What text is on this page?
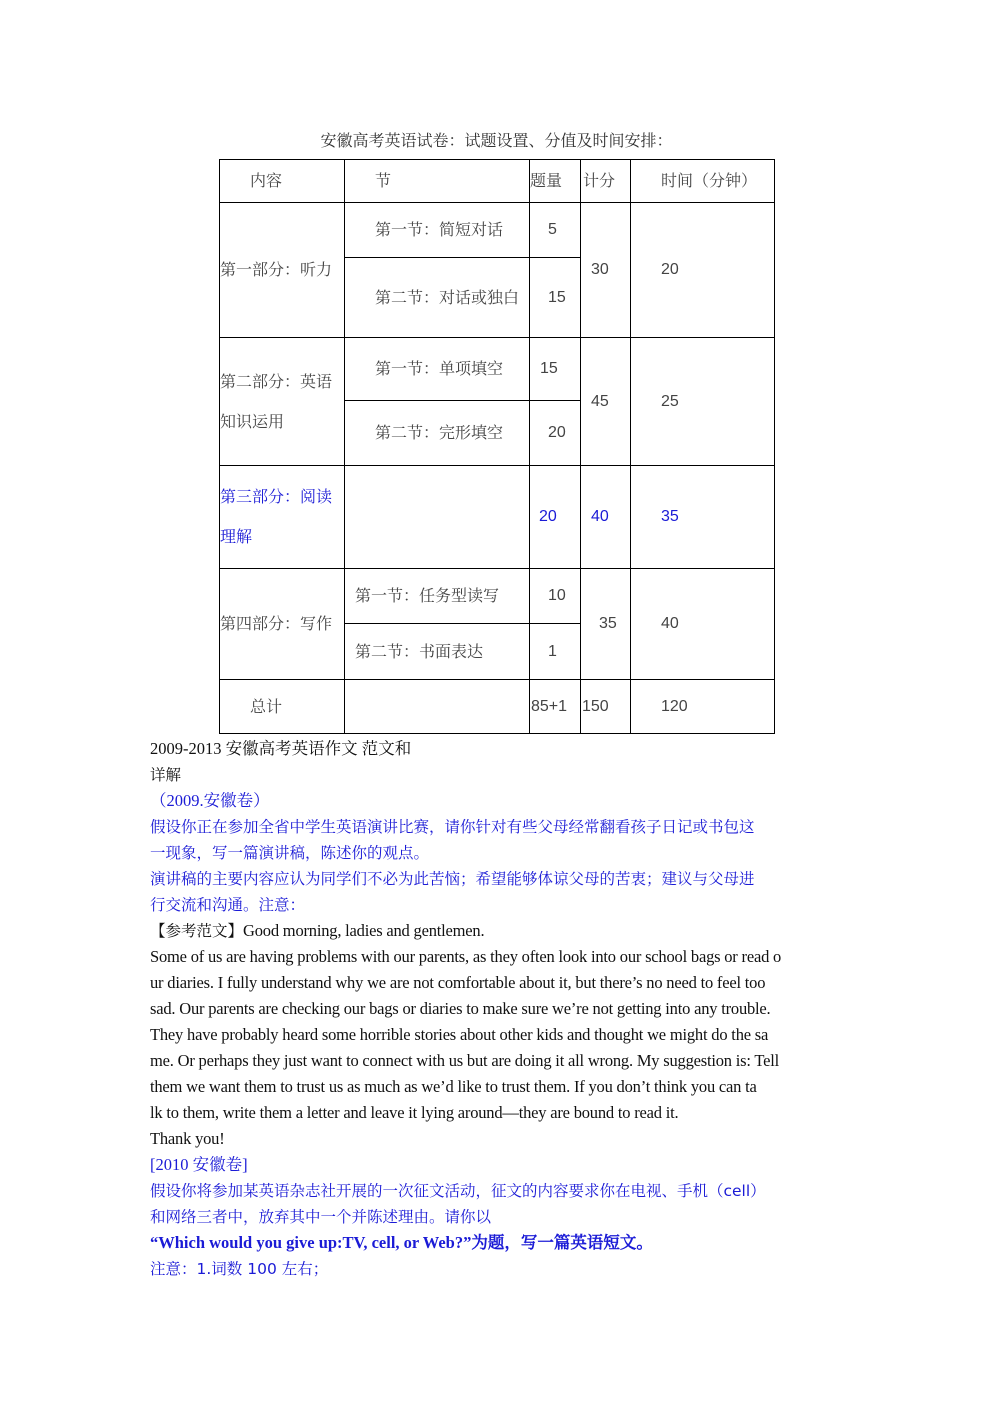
安徽高考英语试卷：试题设置、分值及时间安排：
内容	节	题量	计分	时间（分钟）
第一部分：听力	第一节：简短对话	5	30	20
	第二节：对话或独白	15		
第二部分：英语知识运用	第一节：单项填空	15	45	25
	第二节：完形填空	20		
第三部分：阅读理解		20	40	35
第四部分：写作	第一节：任务型读写	10	35	40
	第二节：书面表达	1		
总计		85+1	150	120

2009-2013 安徽高考英语作文 范文和

详解

（2009.安徽卷）

假设你正在参加全省中学生英语演讲比赛，请你针对有些父母经常翻看孩子日记或书包这

一现象，写一篇演讲稿，陈述你的观点。

演讲稿的主要内容应认为同学们不必为此苦恼；希望能够体谅父母的苦衷；建议与父母进

行交流和沟通。注意：

【参考范文】Good morning, ladies and gentlemen.

Some of us are having problems with our parents, as they often look into our school bags or read o

ur diaries. I fully understand why we are not comfortable about it, but there’s no need to feel too

sad. Our parents are checking our bags or diaries to make sure we’re not getting into any trouble.

They have probably heard some horrible stories about other kids and thought we might do the sa

me. Or perhaps they just want to connect with us but are doing it all wrong. My suggestion is: Tell

them we want them to trust us as much as we’d like to trust them. If you don’t think you can ta

lk to them, write them a letter and leave it lying around—they are bound to read it.

Thank you!

[2010 安徽卷]

假设你将参加某英语杂志社开展的一次征文活动，征文的内容要求你在电视、手机（cell）

和网络三者中，放弃其中一个并陈述理由。请你以

“Which would you give up:TV, cell, or Web?”为题，写一篇英语短文。

注意：1.词数 100 左右；
